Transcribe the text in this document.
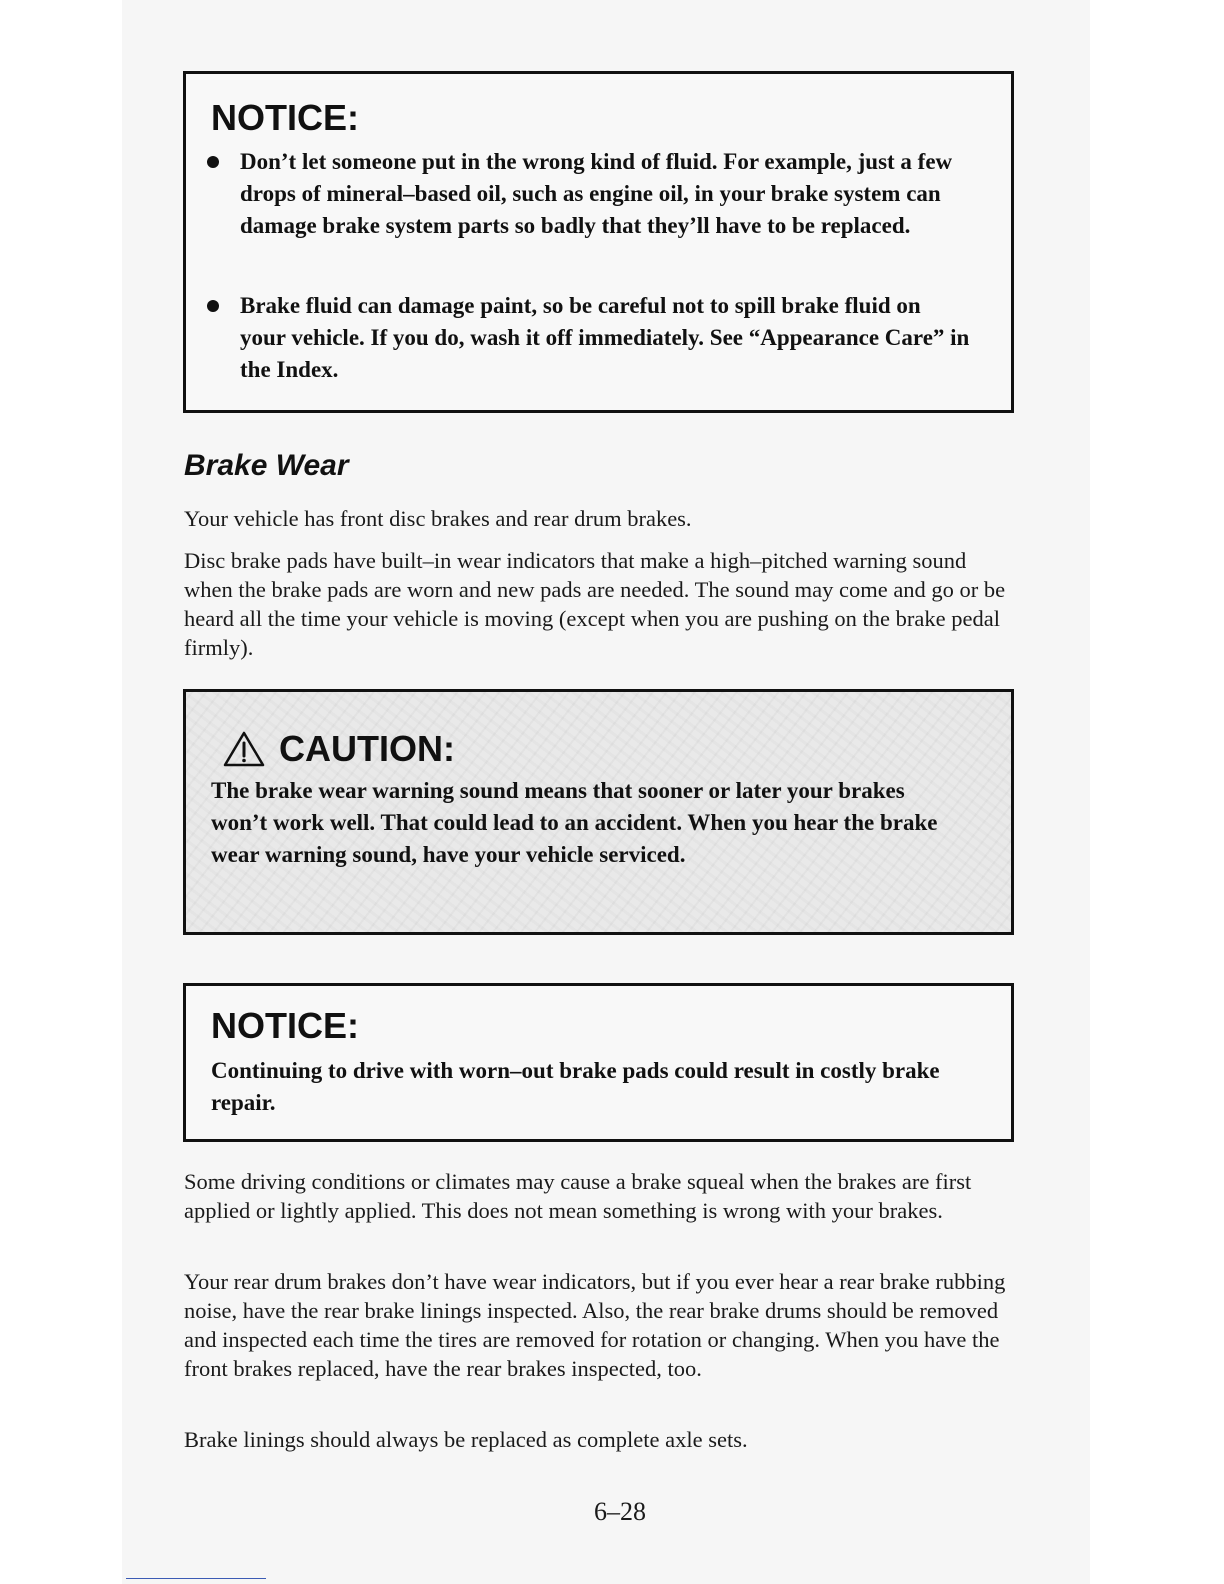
NOTICE:
Don’t let someone put in the wrong kind of fluid. For example, just a few drops of mineral–based oil, such as engine oil, in your brake system can damage brake system parts so badly that they’ll have to be replaced.
Brake fluid can damage paint, so be careful not to spill brake fluid on your vehicle. If you do, wash it off immediately. See “Appearance Care” in the Index.
Brake Wear
Your vehicle has front disc brakes and rear drum brakes.
Disc brake pads have built–in wear indicators that make a high–pitched warning sound when the brake pads are worn and new pads are needed. The sound may come and go or be heard all the time your vehicle is moving (except when you are pushing on the brake pedal firmly).
CAUTION:
The brake wear warning sound means that sooner or later your brakes won’t work well. That could lead to an accident. When you hear the brake wear warning sound, have your vehicle serviced.
NOTICE:
Continuing to drive with worn–out brake pads could result in costly brake repair.
Some driving conditions or climates may cause a brake squeal when the brakes are first applied or lightly applied. This does not mean something is wrong with your brakes.
Your rear drum brakes don’t have wear indicators, but if you ever hear a rear brake rubbing noise, have the rear brake linings inspected. Also, the rear brake drums should be removed and inspected each time the tires are removed for rotation or changing. When you have the front brakes replaced, have the rear brakes inspected, too.
Brake linings should always be replaced as complete axle sets.
6–28
